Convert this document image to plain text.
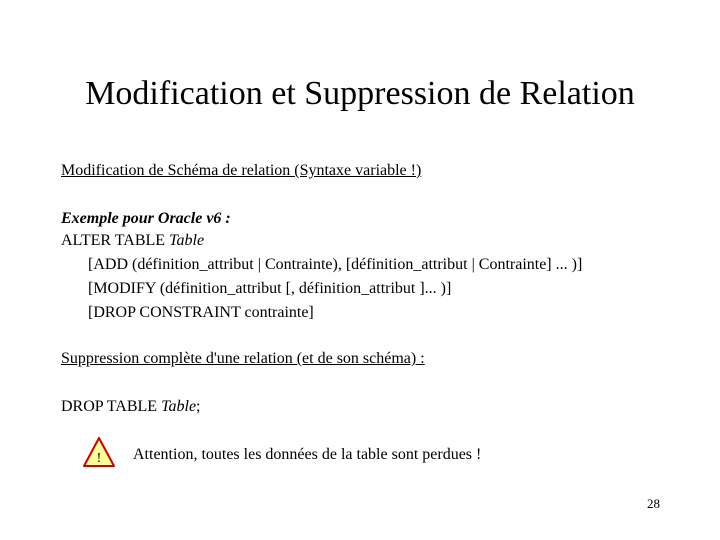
Modification et Suppression de Relation
Modification de Schéma de relation (Syntaxe variable !)
Exemple pour Oracle v6 :
ALTER TABLE Table
[ADD (définition_attribut | Contrainte), [définition_attribut | Contrainte] ... )]
[MODIFY (définition_attribut [, définition_attribut ]... )]
[DROP CONSTRAINT contrainte]
Suppression complète d'une relation (et de son schéma) :
DROP TABLE Table;
! Attention, toutes les données de la table sont perdues !
28
